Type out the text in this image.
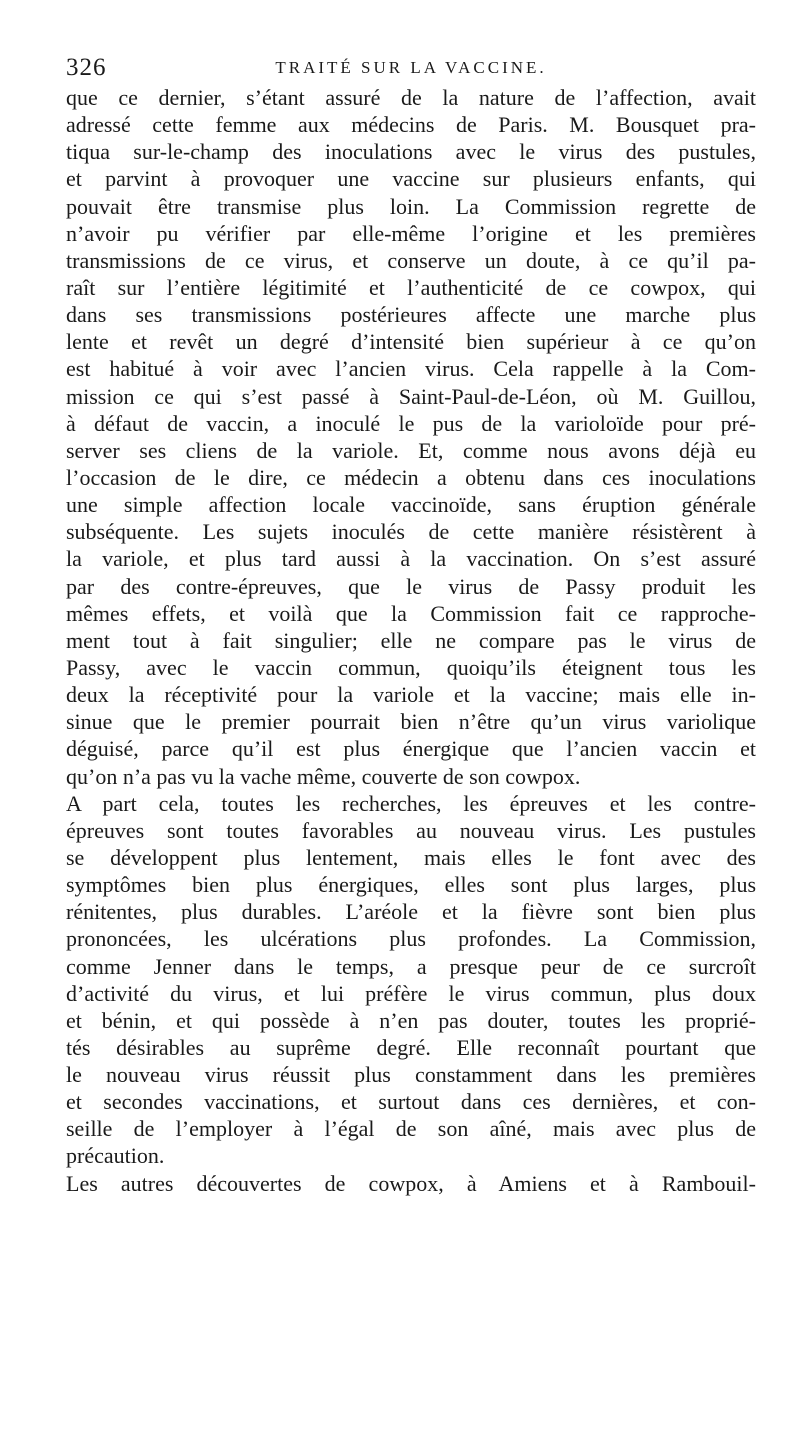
326	TRAITÉ SUR LA VACCINE.
que ce dernier, s’étant assuré de la nature de l’affection, avait
adressé cette femme aux médecins de Paris. M. Bousquet pra-
tiqua sur-le-champ des inoculations avec le virus des pustules,
et parvint à provoquer une vaccine sur plusieurs enfants, qui
pouvait être transmise plus loin. La Commission regrette de
n’avoir pu vérifier par elle-même l’origine et les premières
transmissions de ce virus, et conserve un doute, à ce qu’il pa-
raît sur l’entière légitimité et l’authenticité de ce cowpox, qui
dans ses transmissions postérieures affecte une marche plus
lente et revêt un degré d’intensité bien supérieur à ce qu’on
est habitué à voir avec l’ancien virus. Cela rappelle à la Com-
mission ce qui s’est passé à Saint-Paul-de-Léon, où M. Guillou,
à défaut de vaccin, a inoculé le pus de la varioloïde pour pré-
server ses cliens de la variole. Et, comme nous avons déjà eu
l’occasion de le dire, ce médecin a obtenu dans ces inoculations
une simple affection locale vaccinoïde, sans éruption générale
subséquente. Les sujets inoculés de cette manière résistèrent à
la variole, et plus tard aussi à la vaccination. On s’est assuré
par des contre-épreuves, que le virus de Passy produit les
mêmes effets, et voilà que la Commission fait ce rapproche-
ment tout à fait singulier; elle ne compare pas le virus de
Passy, avec le vaccin commun, quoiqu’ils éteignent tous les
deux la réceptivité pour la variole et la vaccine; mais elle in-
sinue que le premier pourrait bien n’être qu’un virus variolique
déguisé, parce qu’il est plus énergique que l’ancien vaccin et
qu’on n’a pas vu la vache même, couverte de son cowpox.
A part cela, toutes les recherches, les épreuves et les contre-
épreuves sont toutes favorables au nouveau virus. Les pustules
se développent plus lentement, mais elles le font avec des
symptômes bien plus énergiques, elles sont plus larges, plus
rénitentes, plus durables. L’aréole et la fièvre sont bien plus
prononcées, les ulcérations plus profondes. La Commission,
comme Jenner dans le temps, a presque peur de ce surcroît
d’activité du virus, et lui préfère le virus commun, plus doux
et bénin, et qui possède à n’en pas douter, toutes les proprié-
tés désirables au suprême degré. Elle reconnaît pourtant que
le nouveau virus réussit plus constamment dans les premières
et secondes vaccinations, et surtout dans ces dernières, et con-
seille de l’employer à l’égal de son aîné, mais avec plus de
précaution.
Les autres découvertes de cowpox, à Amiens et à Rambouil-
